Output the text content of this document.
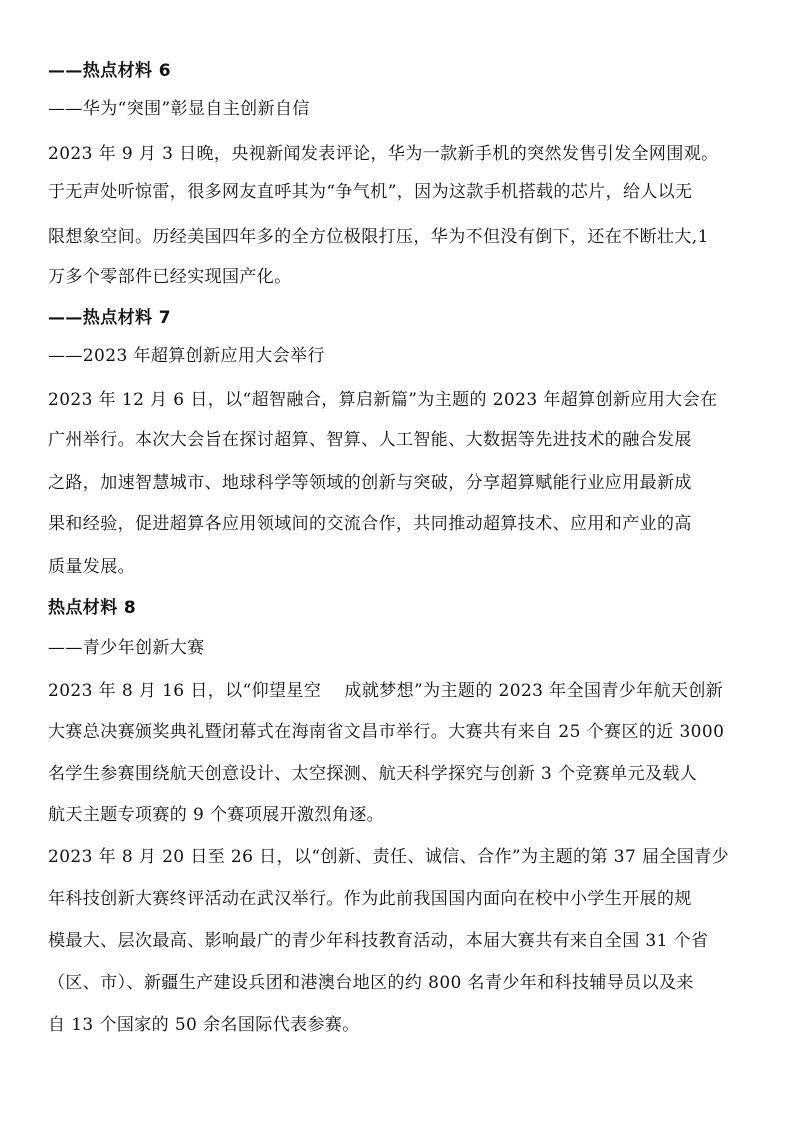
——热点材料 6
——华为“突围”彰显自主创新自信
2023 年 9 月 3 日晚，央视新闻发表评论，华为一款新手机的突然发售引发全网围观。
于无声处听惊雷，很多网友直呼其为“争气机”，因为这款手机搭载的芯片，给人以无
限想象空间。历经美国四年多的全方位极限打压，华为不但没有倒下，还在不断壮大,1
万多个零部件已经实现国产化。
——热点材料 7
——2023 年超算创新应用大会举行
2023 年 12 月 6 日，以“超智融合，算启新篇”为主题的 2023 年超算创新应用大会在
广州举行。本次大会旨在探讨超算、智算、人工智能、大数据等先进技术的融合发展
之路，加速智慧城市、地球科学等领域的创新与突破，分享超算赋能行业应用最新成
果和经验，促进超算各应用领域间的交流合作，共同推动超算技术、应用和产业的高
质量发展。
热点材料 8
——青少年创新大赛
2023 年 8 月 16 日，以“仰望星空　 成就梦想”为主题的 2023 年全国青少年航天创新
大赛总决赛颁奖典礼暨闭幕式在海南省文昌市举行。大赛共有来自 25 个赛区的近 3000
名学生参赛围绕航天创意设计、太空探测、航天科学探究与创新 3 个竞赛单元及载人
航天主题专项赛的 9 个赛项展开激烈角逐。
2023 年 8 月 20 日至 26 日，以“创新、责任、诚信、合作”为主题的第 37 届全国青少
年科技创新大赛终评活动在武汉举行。作为此前我国国内面向在校中小学生开展的规
模最大、层次最高、影响最广的青少年科技教育活动，本届大赛共有来自全国 31 个省
（区、市）、新疆生产建设兵团和港澳台地区的约 800 名青少年和科技辅导员以及来
自 13 个国家的 50 余名国际代表参赛。
